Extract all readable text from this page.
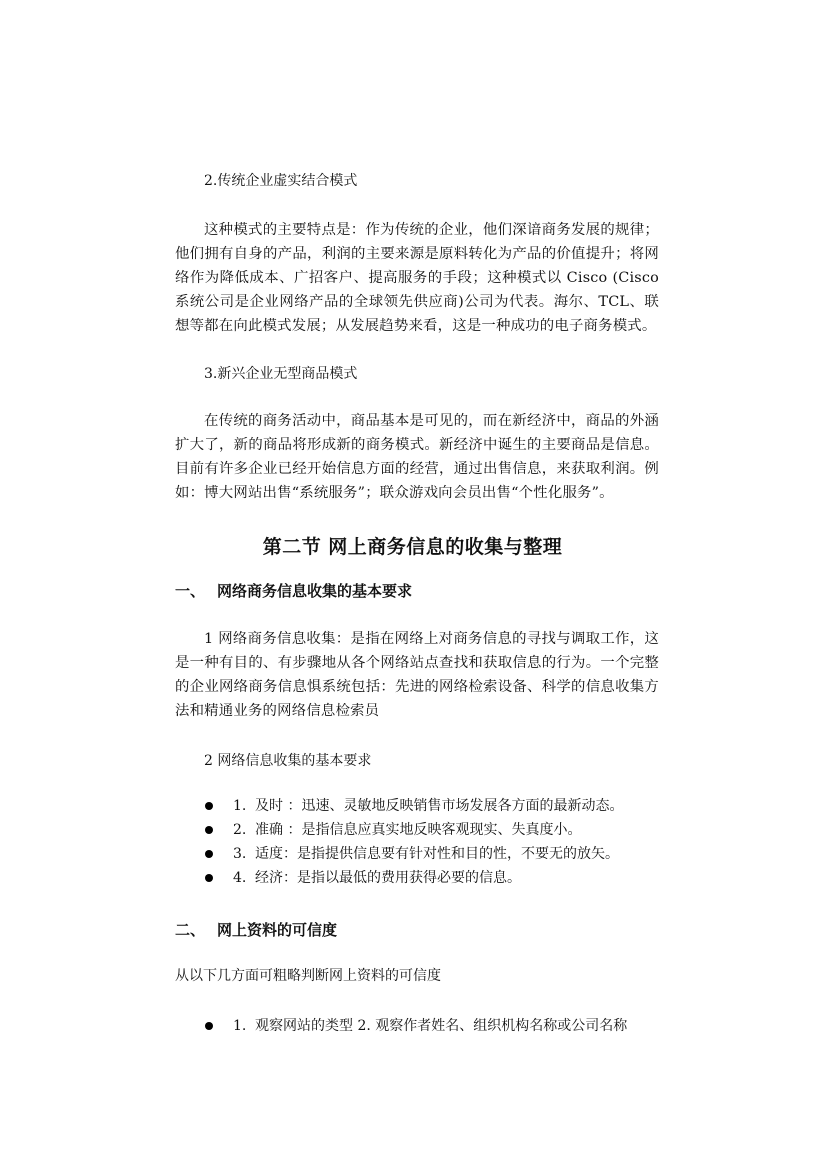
2.传统企业虚实结合模式

这种模式的主要特点是：作为传统的企业，他们深谙商务发展的规律；他们拥有自身的产品，利润的主要来源是原料转化为产品的价值提升；将网络作为降低成本、广招客户、提高服务的手段；这种模式以 Cisco (Cisco 系统公司是企业网络产品的全球领先供应商)公司为代表。海尔、TCL、联想等都在向此模式发展；从发展趋势来看，这是一种成功的电子商务模式。

3.新兴企业无型商品模式

在传统的商务活动中，商品基本是可见的，而在新经济中，商品的外涵扩大了，新的商品将形成新的商务模式。新经济中诞生的主要商品是信息。目前有许多企业已经开始信息方面的经营，通过出售信息，来获取利润。例如：博大网站出售“系统服务”；联众游戏向会员出售“个性化服务”。

第二节 网上商务信息的收集与整理

一、 网络商务信息收集的基本要求

1 网络商务信息收集：是指在网络上对商务信息的寻找与调取工作，这是一种有目的、有步骤地从各个网络站点查找和获取信息的行为。一个完整的企业网络商务信息惧系统包括：先进的网络检索设备、科学的信息收集方法和精通业务的网络信息检索员

2 网络信息收集的基本要求

1. 及时 ：迅速、灵敏地反映销售市场发展各方面的最新动态。
2. 准确 ：是指信息应真实地反映客观现实、失真度小。
3. 适度：是指提供信息要有针对性和目的性，不要无的放矢。
4. 经济：是指以最低的费用获得必要的信息。

二、 网上资料的可信度

从以下几方面可粗略判断网上资料的可信度

1. 观察网站的类型 2. 观察作者姓名、组织机构名称或公司名称
